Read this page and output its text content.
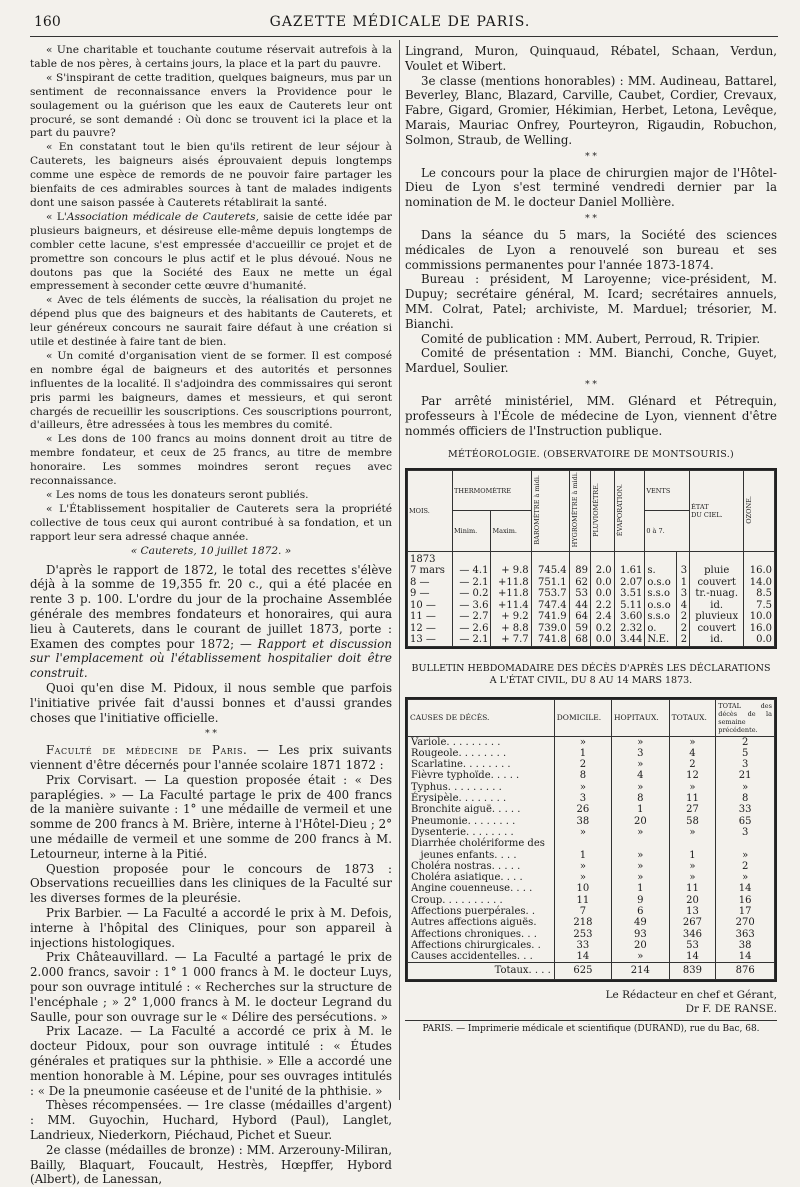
160	GAZETTE MÉDICALE DE PARIS.

« Une charitable et touchante coutume réservait autrefois à la table de nos pères, à certains jours, la place et la part du pauvre.

« S'inspirant de cette tradition, quelques baigneurs, mus par un sentiment de reconnaissance envers la Providence pour le soulagement ou la guérison que les eaux de Cauterets leur ont procuré, se sont demandé : Où donc se trouvent ici la place et la part du pauvre?

« En constatant tout le bien qu'ils retirent de leur séjour à Cauterets, les baigneurs aisés éprouvaient depuis longtemps comme une espèce de remords de ne pouvoir faire partager les bienfaits de ces admirables sources à tant de malades indigents dont une saison passée à Cauterets rétablirait la santé.

« L'Association médicale de Cauterets, saisie de cette idée par plusieurs baigneurs, et désireuse elle-même depuis longtemps de combler cette lacune, s'est empressée d'accueillir ce projet et de promettre son concours le plus actif et le plus dévoué. Nous ne doutons pas que la Société des Eaux ne mette un égal empressement à seconder cette œuvre d'humanité.

« Avec de tels éléments de succès, la réalisation du projet ne dépend plus que des baigneurs et des habitants de Cauterets, et leur généreux concours ne saurait faire défaut à une création si utile et destinée à faire tant de bien.

« Un comité d'organisation vient de se former. Il est composé en nombre égal de baigneurs et des autorités et personnes influentes de la localité. Il s'adjoindra des commissaires qui seront pris parmi les baigneurs, dames et messieurs, et qui seront chargés de recueillir les souscriptions. Ces souscriptions pourront, d'ailleurs, être adressées à tous les membres du comité.

« Les dons de 100 francs au moins donnent droit au titre de membre fondateur, et ceux de 25 francs, au titre de membre honoraire. Les sommes moindres seront reçues avec reconnaissance.

« Les noms de tous les donateurs seront publiés.

« L'Établissement hospitalier de Cauterets sera la propriété collective de tous ceux qui auront contribué à sa fondation, et un rapport leur sera adressé chaque année.

« Cauterets, 10 juillet 1872. »

D'après le rapport de 1872, le total des recettes s'élève déjà à la somme de 19,355 fr. 20 c., qui a été placée en rente 3 p. 100. L'ordre du jour de la prochaine Assemblée générale des membres fondateurs et honoraires, qui aura lieu à Cauterets, dans le courant de juillet 1873, porte : Examen des comptes pour 1872; — Rapport et discussion sur l'emplacement où l'établissement hospitalier doit être construit.

Quoi qu'en dise M. Pidoux, il nous semble que parfois l'initiative privée fait d'aussi bonnes et d'aussi grandes choses que l'initiative officielle.

* *

Faculté de médecine de Paris. — Les prix suivants viennent d'être décernés pour l'année scolaire 1871 1872 :

Prix Corvisart. — La question proposée était : « Des paraplégies. » — La Faculté partage le prix de 400 francs de la manière suivante : 1° une médaille de vermeil et une somme de 200 francs à M. Brière, interne à l'Hôtel-Dieu ; 2° une médaille de vermeil et une somme de 200 francs à M. Letourneur, interne à la Pitié.

Question proposée pour le concours de 1873 : Observations recueillies dans les cliniques de la Faculté sur les diverses formes de la pleurésie.

Prix Barbier. — La Faculté a accordé le prix à M. Defois, interne à l'hôpital des Cliniques, pour son appareil à injections histologiques.

Prix Châteauvillard. — La Faculté a partagé le prix de 2.000 francs, savoir : 1° 1 000 francs à M. le docteur Luys, pour son ouvrage intitulé : « Recherches sur la structure de l'encéphale ; » 2° 1,000 francs à M. le docteur Legrand du Saulle, pour son ouvrage sur le « Délire des persécutions. »

Prix Lacaze. — La Faculté a accordé ce prix à M. le docteur Pidoux, pour son ouvrage intitulé : « Études générales et pratiques sur la phthisie. » Elle a accordé une mention honorable à M. Lépine, pour ses ouvrages intitulés : « De la pneumonie caséeuse et de l'unité de la phthisie. »

Thèses récompensées. — 1re classe (médailles d'argent) : MM. Guyochin, Huchard, Hybord (Paul), Langlet, Landrieux, Niederkorn, Piéchaud, Pichet et Sueur.

2e classe (médailles de bronze) : MM. Arzerouny-Miliran, Bailly, Blaquart, Foucault, Hestrès, Hœpffer, Hybord (Albert), de Lanessan,

Lingrand, Muron, Quinquaud, Rébatel, Schaan, Verdun, Voulet et Wibert.

3e classe (mentions honorables) : MM. Audineau, Battarel, Beverley, Blanc, Blazard, Carville, Caubet, Cordier, Crevaux, Fabre, Gigard, Gromier, Hékimian, Herbet, Letona, Levêque, Marais, Mauriac Onfrey, Pourteyron, Rigaudin, Robuchon, Solmon, Straub, de Welling.

* *

Le concours pour la place de chirurgien major de l'Hôtel-Dieu de Lyon s'est terminé vendredi dernier par la nomination de M. le docteur Daniel Mollière.

* *

Dans la séance du 5 mars, la Société des sciences médicales de Lyon a renouvelé son bureau et ses commissions permanentes pour l'année 1873-1874.

Bureau : président, M Laroyenne; vice-président, M. Dupuy; secrétaire général, M. Icard; secrétaires annuels, MM. Colrat, Patel; archiviste, M. Marduel; trésorier, M. Bianchi.

Comité de publication : MM. Aubert, Perroud, R. Tripier.

Comité de présentation : MM. Bianchi, Conche, Guyet, Marduel, Soulier.

* *

Par arrêté ministériel, MM. Glénard et Pétrequin, professeurs à l'École de médecine de Lyon, viennent d'être nommés officiers de l'Instruction publique.

MÉTÉOROLOGIE. (OBSERVATOIRE DE MONTSOURIS.)
MOIS.	THERMOMÈTRE		BAROMÈTRE à midi.	HYGROMÈTRE à midi.	PLUVIOMÈTRE.	ÉVAPORATION.	VENTS		ÉTAT
DU CIEL.	OZONE.
	Minim.	Maxim.					0 à 7.			
1873										
7 mars	— 4.1	+ 9.8	745.4	89	2.0	1.61	s.	3	pluie	16.0
8 —	— 2.1	+11.8	751.1	62	0.0	2.07	o.s.o	1	couvert	14.0
9 —	— 0.2	+11.8	753.7	53	0.0	3.51	s.s.o	3	tr.-nuag.	8.5
10 —	— 3.6	+11.4	747.4	44	2.2	5.11	o.s.o	4	id.	7.5
11 —	— 2.7	+ 9.2	741.9	64	2.4	3.60	s.s.o	2	pluvieux	10.0
12 —	— 2.6	+ 8.8	739.0	59	0.2	2.32	o.	2	couvert	16.0
13 —	— 2.1	+ 7.7	741.8	68	0.0	3.44	N.E.	2	id.	0.0
BULLETIN HEBDOMADAIRE DES DÉCÈS D'APRÈS LES DÉCLARATIONS
A L'ÉTAT CIVIL, DU 8 AU 14 MARS 1873.
CAUSES DE DÉCÈS.	DOMICILE.	HOPITAUX.	TOTAUX.	TOTAL des décès de la semaine précédente.
Variole. . . . . . . . .	»	»	»	2
Rougeole. . . . . . . .	1	3	4	5
Scarlatine. . . . . . . .	2	»	2	3
Fièvre typhoïde. . . . .	8	4	12	21
Typhus. . . . . . . . .	»	»	»	»
Érysipèle. . . . . . . .	3	8	11	8
Bronchite aiguë. . . . .	26	1	27	33
Pneumonie. . . . . . . .	38	20	58	65
Dysenterie. . . . . . . .	»	»	»	3
Diarrhée cholériforme des				
jeunes enfants. . . .	1	»	1	»
Choléra nostras. . . . .	»	»	»	2
Choléra asiatique. . . .	»	»	»	»
Angine couenneuse. . . .	10	1	11	14
Croup. . . . . . . . . .	11	9	20	16
Affections puerpérales. .	7	6	13	17
Autres affections aiguës.	218	49	267	270
Affections chroniques. . .	253	93	346	363
Affections chirurgicales. .	33	20	53	38
Causes accidentelles. . .	14	»	14	14
Totaux. . . .	625	214	839	876
Le Rédacteur en chef et Gérant,
Dr F. DE RANSE.
PARIS. — Imprimerie médicale et scientifique (DURAND), rue du Bac, 68.
